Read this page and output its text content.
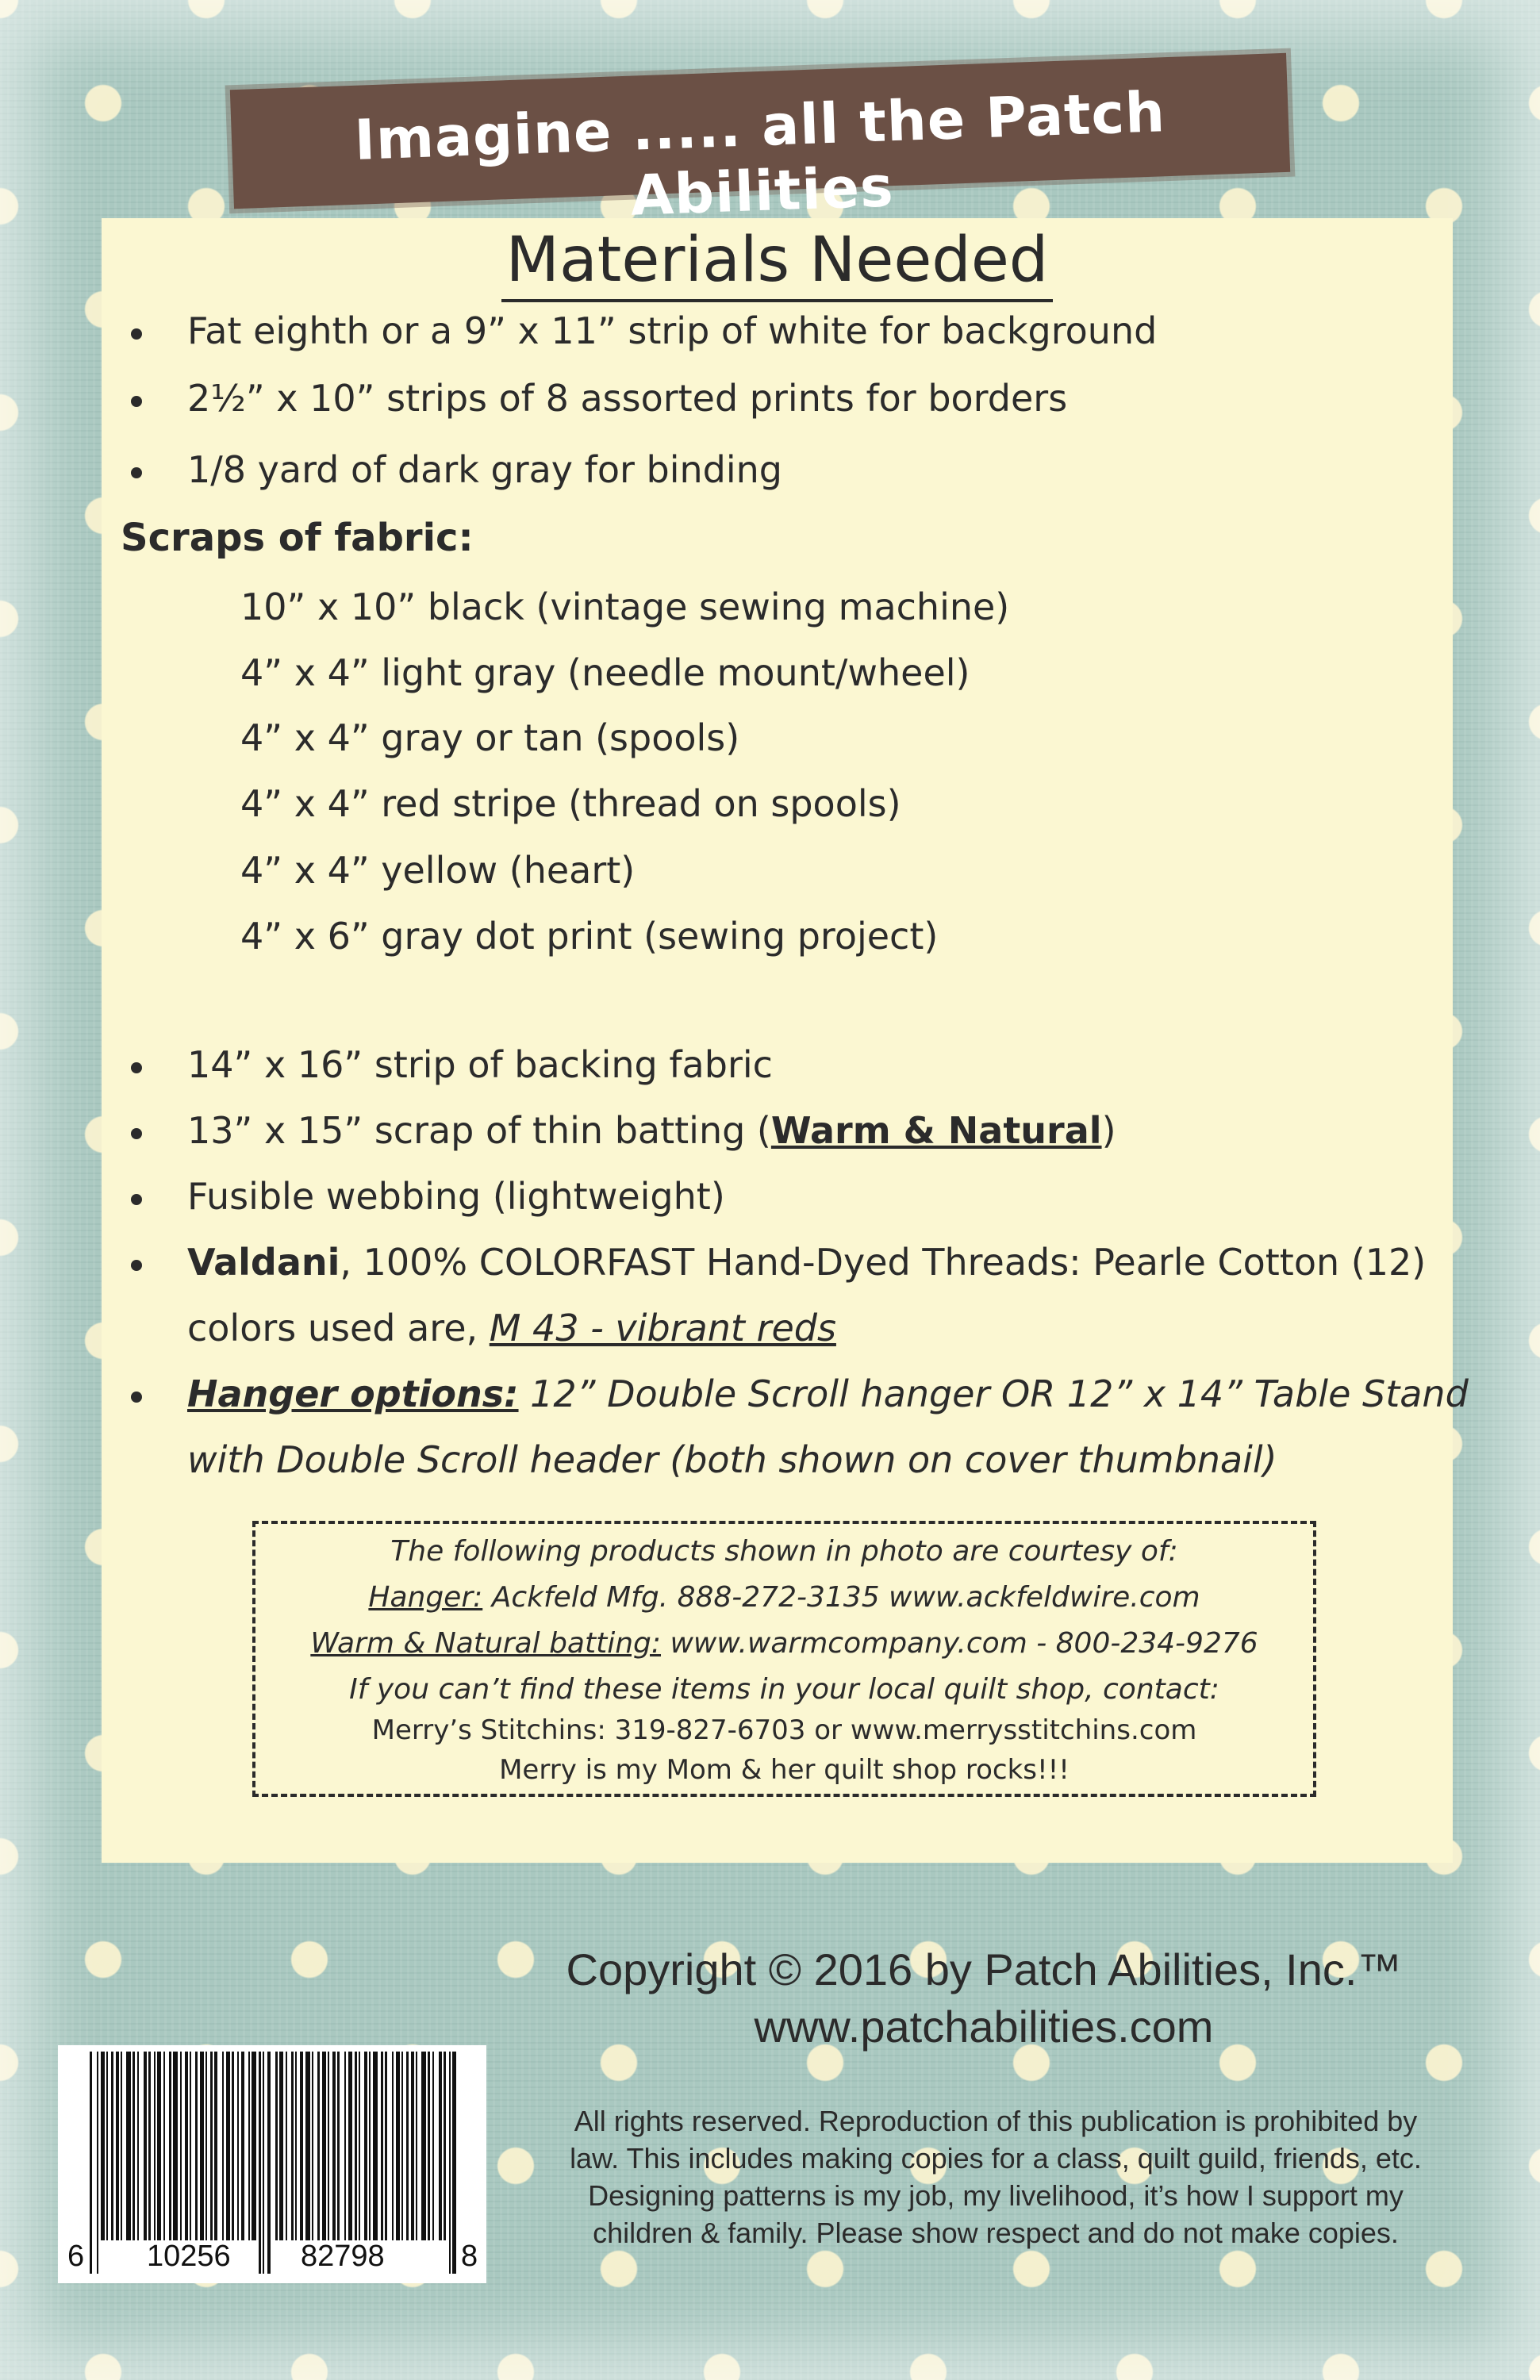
Imagine ..... all the Patch Abilities
Materials Needed
Fat eighth or a 9” x 11” strip of white for background
2½” x 10” strips of 8 assorted prints for borders
1/8 yard of dark gray for binding
Scraps of fabric:
10” x 10” black (vintage sewing machine)
4” x 4” light gray (needle mount/wheel)
4” x 4” gray or tan (spools)
4” x 4” red stripe (thread on spools)
4” x 4” yellow (heart)
4” x 6” gray dot print (sewing project)
14” x 16” strip of backing fabric
13” x 15” scrap of thin batting (Warm & Natural)
Fusible webbing (lightweight)
Valdani, 100% COLORFAST Hand-Dyed Threads: Pearle Cotton (12)
colors used are, M 43 - vibrant reds
Hanger options: 12” Double Scroll hanger OR 12” x 14” Table Stand
with Double Scroll header (both shown on cover thumbnail)
The following products shown in photo are courtesy of:
Hanger: Ackfeld Mfg. 888-272-3135 www.ackfeldwire.com
Warm & Natural batting: www.warmcompany.com - 800-234-9276
If you can’t find these items in your local quilt shop, contact:
Merry’s Stitchins: 319-827-6703 or www.merrysstitchins.com
Merry is my Mom & her quilt shop rocks!!!
Copyright © 2016 by Patch Abilities, Inc.™
www.patchabilities.com
All rights reserved. Reproduction of this publication is prohibited by
law. This includes making copies for a class, quilt guild, friends, etc.
Designing patterns is my job, my livelihood, it’s how I support my
children & family. Please show respect and do not make copies.
6 10256 82798	8
